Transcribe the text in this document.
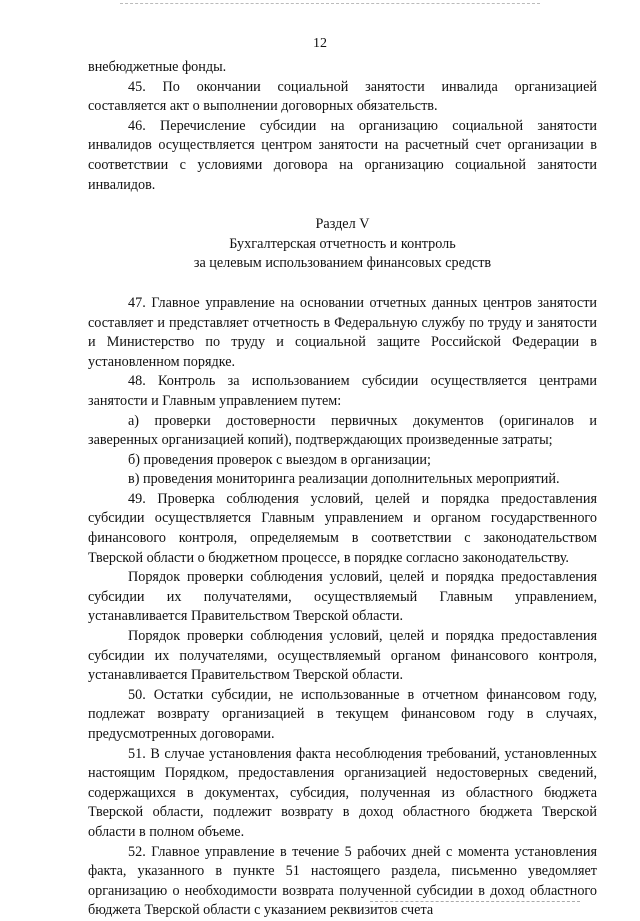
12

внебюджетные фонды.

45. По окончании социальной занятости инвалида организацией составляется акт о выполнении договорных обязательств.

46. Перечисление субсидии на организацию социальной занятости инвалидов осуществляется центром занятости на расчетный счет организации в соответствии с условиями договора на организацию социальной занятости инвалидов.

Раздел V

Бухгалтерская отчетность и контроль

за целевым использованием финансовых средств

47. Главное управление на основании отчетных данных центров занятости составляет и представляет отчетность в Федеральную службу по труду и занятости и Министерство по труду и социальной защите Российской Федерации в установленном порядке.

48. Контроль за использованием субсидии осуществляется центрами занятости и Главным управлением путем:

а) проверки достоверности первичных документов (оригиналов и заверенных организацией копий), подтверждающих произведенные затраты;

б) проведения проверок с выездом в организации;

в) проведения мониторинга реализации дополнительных мероприятий.

49. Проверка соблюдения условий, целей и порядка предоставления субсидии осуществляется Главным управлением и органом государственного финансового контроля, определяемым в соответствии с законодательством Тверской области о бюджетном процессе, в порядке согласно законодательству.

Порядок проверки соблюдения условий, целей и порядка предоставления субсидии их получателями, осуществляемый Главным управлением, устанавливается Правительством Тверской области.

Порядок проверки соблюдения условий, целей и порядка предоставления субсидии их получателями, осуществляемый органом финансового контроля, устанавливается Правительством Тверской области.

50. Остатки субсидии, не использованные в отчетном финансовом году, подлежат возврату организацией в текущем финансовом году в случаях, предусмотренных договорами.

51. В случае установления факта несоблюдения требований, установленных настоящим Порядком, предоставления организацией недостоверных сведений, содержащихся в документах, субсидия, полученная из областного бюджета Тверской области, подлежит возврату в доход областного бюджета Тверской области в полном объеме.

52. Главное управление в течение 5 рабочих дней с момента установления факта, указанного в пункте 51 настоящего раздела, письменно уведомляет организацию о необходимости возврата полученной субсидии в доход областного бюджета Тверской области с указанием реквизитов счета
